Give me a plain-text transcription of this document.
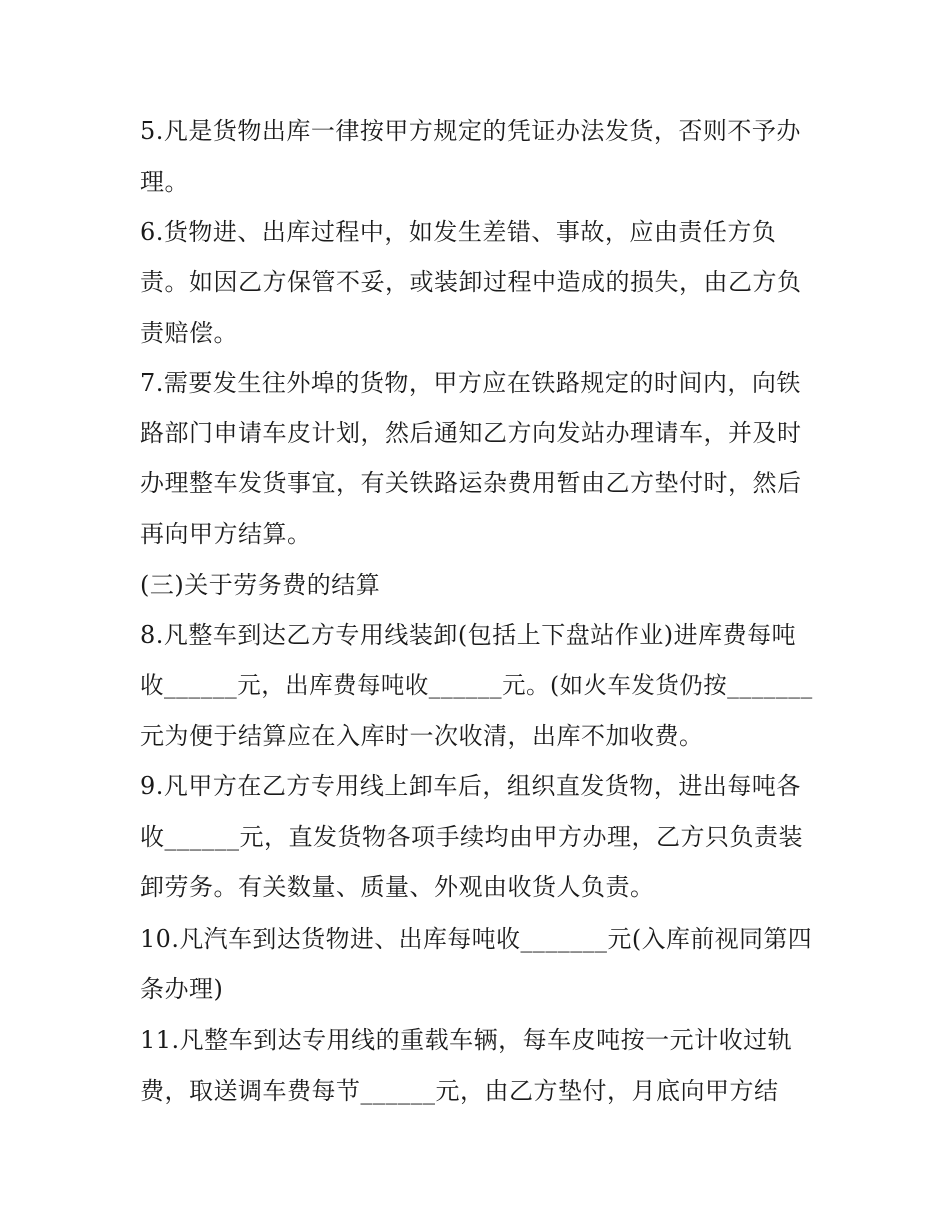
5.凡是货物出库一律按甲方规定的凭证办法发货，否则不予办
理。
6.货物进、出库过程中，如发生差错、事故，应由责任方负
责。如因乙方保管不妥，或装卸过程中造成的损失，由乙方负
责赔偿。
7.需要发生往外埠的货物，甲方应在铁路规定的时间内，向铁
路部门申请车皮计划，然后通知乙方向发站办理请车，并及时
办理整车发货事宜，有关铁路运杂费用暂由乙方垫付时，然后
再向甲方结算。
(三)关于劳务费的结算
8.凡整车到达乙方专用线装卸(包括上下盘站作业)进库费每吨
收______元，出库费每吨收______元。(如火车发货仍按_______
元为便于结算应在入库时一次收清，出库不加收费。
9.凡甲方在乙方专用线上卸车后，组织直发货物，进出每吨各
收______元，直发货物各项手续均由甲方办理，乙方只负责装
卸劳务。有关数量、质量、外观由收货人负责。
10.凡汽车到达货物进、出库每吨收_______元(入库前视同第四
条办理)
11.凡整车到达专用线的重载车辆，每车皮吨按一元计收过轨
费，取送调车费每节______元，由乙方垫付，月底向甲方结
